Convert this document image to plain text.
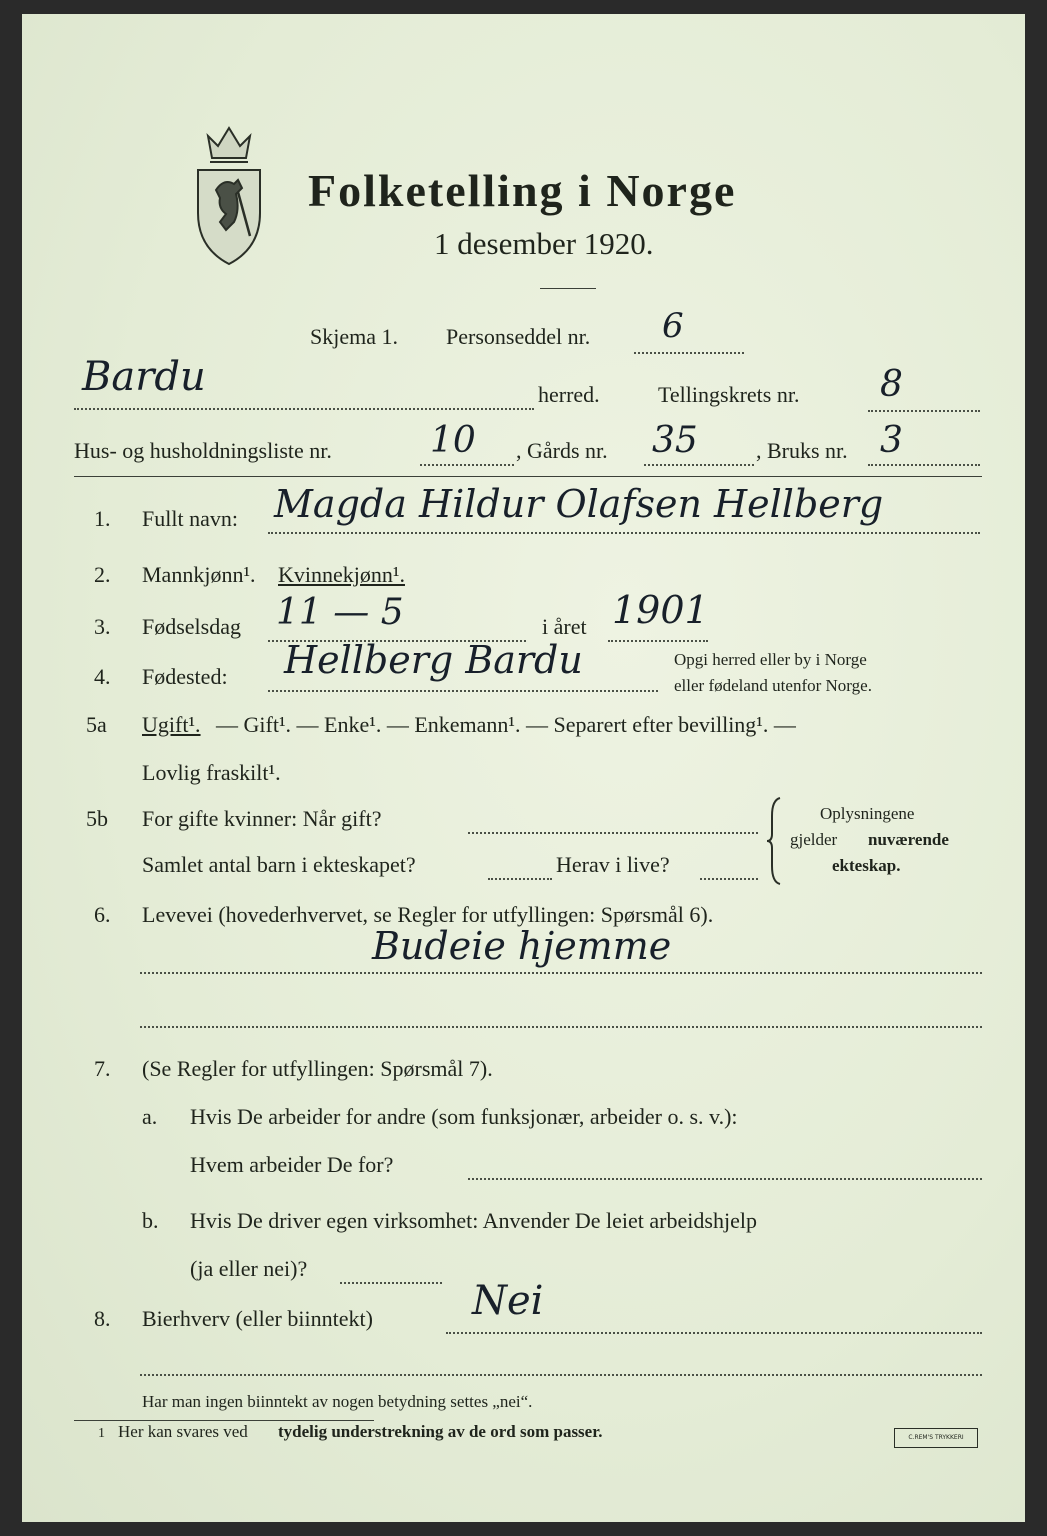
Folketelling i Norge
1 desember 1920.
Skjema 1. Personseddel nr. 6
Bardu	herred.	Tellingskrets nr. 8
Hus- og husholdningsliste nr.	10 , Gårds nr. 35	, Bruks nr. 3
1. Fullt navn: Magda Hildur Olafsen Hellberg
2. Mannkjønn¹. Kvinnekjønn¹.
3. Fødselsdag 11 — 5	i året 1901
4. Fødested: Hellberg Bardu	Opgi herred eller by i Norge
eller fødeland utenfor Norge.
5a Ugift¹. — Gift¹. — Enke¹. — Enkemann¹. — Separert efter bevilling¹. —
Lovlig fraskilt¹.
5b For gifte kvinner: Når gift?
Samlet antal barn i ekteskapet?	Herav i live?
Oplysningene
gjelder nuværende
ekteskap.
6. Levevei (hovederhvervet, se Regler for utfyllingen: Spørsmål 6).
Budeie hjemme
7. (Se Regler for utfyllingen: Spørsmål 7).
a. Hvis De arbeider for andre (som funksjonær, arbeider o. s. v.):
Hvem arbeider De for?
b. Hvis De driver egen virksomhet: Anvender De leiet arbeidshjelp
(ja eller nei)?
8. Bierhverv (eller biinntekt) Nei
Har man ingen biinntekt av nogen betydning settes „nei“.
1 Her kan svares ved tydelig understrekning av de ord som passer.	C.REM'S TRYKKERI
